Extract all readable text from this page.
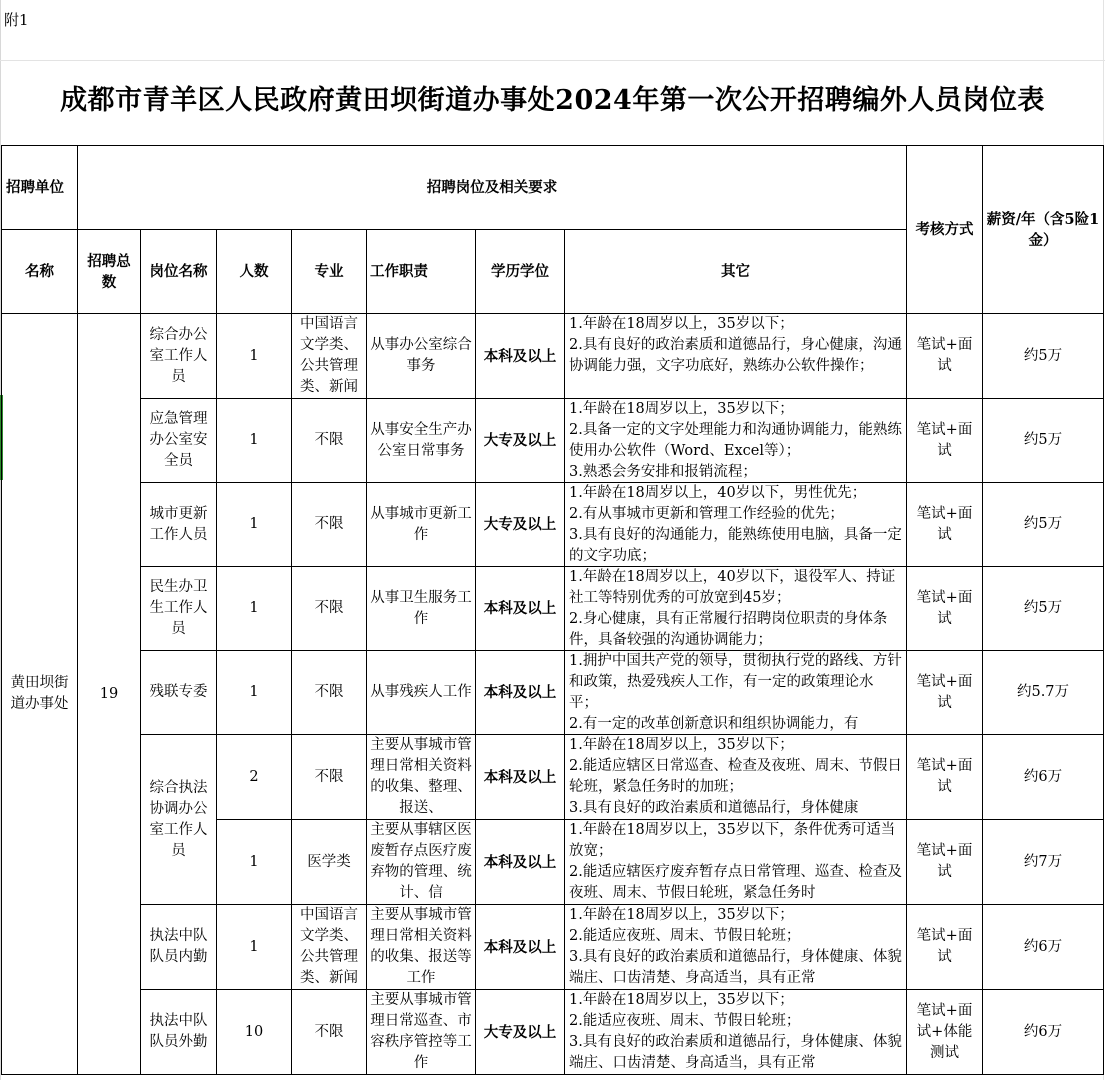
附1
成都市青羊区人民政府黄田坝街道办事处2024年第一次公开招聘编外人员岗位表
招聘单位	招聘岗位及相关要求							考核方式	薪资/年（含5险1金）
名称	招聘总数	岗位名称	人数	专业	工作职责	学历学位	其它		
黄田坝街道办事处	19	综合办公室工作人员	1	中国语言文学类、公共管理类、新闻	从事办公室综合事务	本科及以上	1.年龄在18周岁以上，35岁以下；
2.具有良好的政治素质和道德品行，身心健康，沟通协调能力强，文字功底好，熟练办公软件操作；	笔试+面试	约5万

		应急管理办公室安全员	1	不限	从事安全生产办公室日常事务	大专及以上	1.年龄在18周岁以上，35岁以下；
2.具备一定的文字处理能力和沟通协调能力，能熟练使用办公软件（Word、Excel等）；
3.熟悉会务安排和报销流程；	笔试+面试	约5万

		城市更新工作人员	1	不限	从事城市更新工作	大专及以上	1.年龄在18周岁以上，40岁以下，男性优先；
2.有从事城市更新和管理工作经验的优先；
3.具有良好的沟通能力，能熟练使用电脑，具备一定的文字功底；	笔试+面试	约5万

		民生办卫生工作人员	1	不限	从事卫生服务工作	本科及以上	1.年龄在18周岁以上，40岁以下，退役军人、持证社工等特别优秀的可放宽到45岁；
2.身心健康，具有正常履行招聘岗位职责的身体条件，具备较强的沟通协调能力；	笔试+面试	约5万

		残联专委	1	不限	从事残疾人工作	本科及以上	1.拥护中国共产党的领导，贯彻执行党的路线、方针和政策，热爱残疾人工作，有一定的政策理论水平；
2.有一定的改革创新意识和组织协调能力，有	笔试+面试	约5.7万
		综合执法协调办公室工作人员	2	不限	主要从事城市管理日常相关资料的收集、整理、报送、	本科及以上	1.年龄在18周岁以上，35岁以下；
2.能适应辖区日常巡查、检查及夜班、周末、节假日轮班，紧急任务时的加班；
3.具有良好的政治素质和道德品行，身体健康	笔试+面试	约6万
			1	医学类	主要从事辖区医废暂存点医疗废弃物的管理、统计、信	本科及以上	1.年龄在18周岁以上，35岁以下，条件优秀可适当放宽；
2.能适应辖医疗废弃暂存点日常管理、巡查、检查及夜班、周末、节假日轮班，紧急任务时	笔试+面试	约7万

		执法中队队员内勤	1	中国语言文学类、公共管理类、新闻	主要从事城市管理日常相关资料的收集、报送等工作	本科及以上	1.年龄在18周岁以上，35岁以下；
2.能适应夜班、周末、节假日轮班；
3.具有良好的政治素质和道德品行，身体健康、体貌端庄、口齿清楚、身高适当，具有正常	笔试+面试	约6万

		执法中队队员外勤	10	不限	主要从事城市管理日常巡查、市容秩序管控等工作	大专及以上	1.年龄在18周岁以上，35岁以下；
2.能适应夜班、周末、节假日轮班；
3.具有良好的政治素质和道德品行，身体健康、体貌端庄、口齿清楚、身高适当，具有正常	笔试+面试+体能测试	约6万
